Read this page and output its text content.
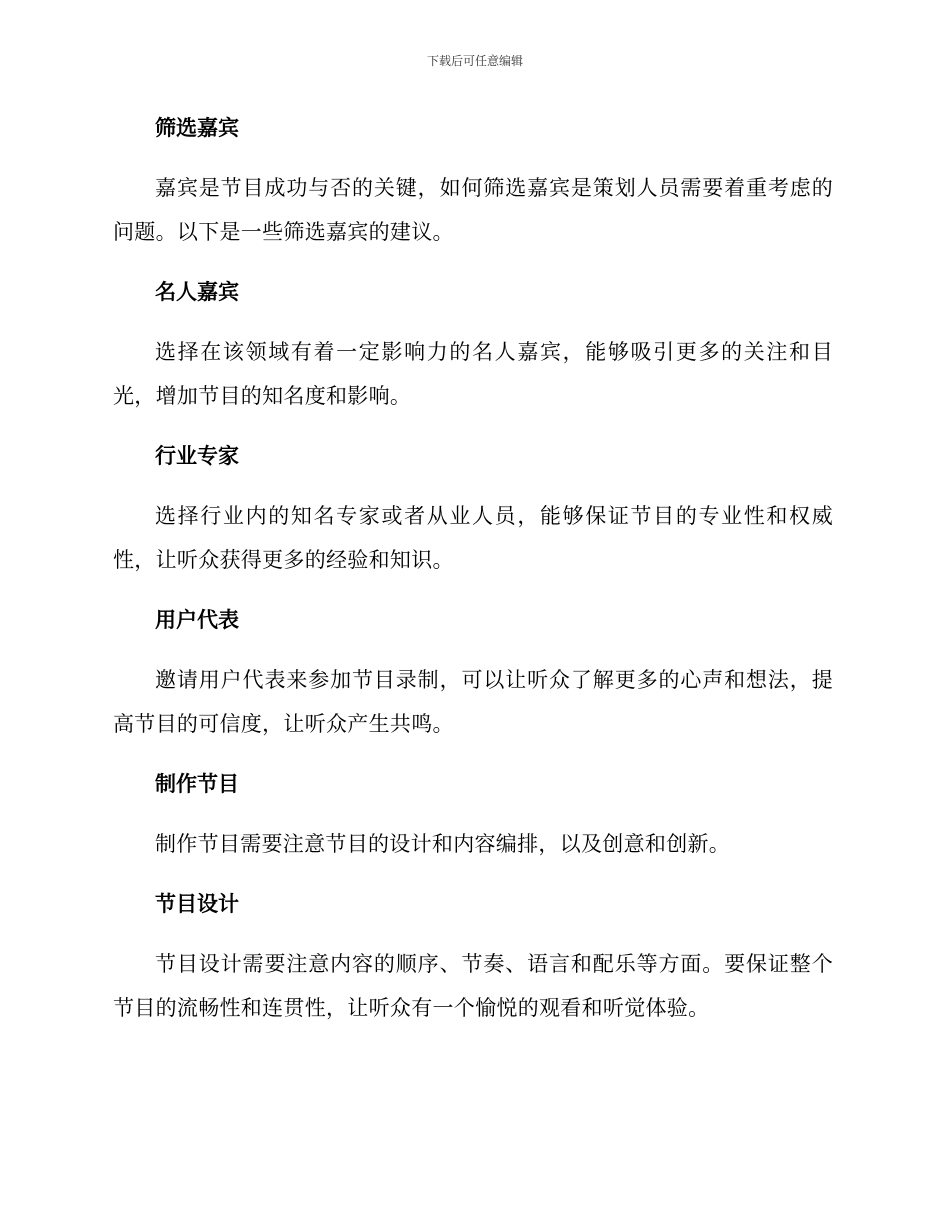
下载后可任意编辑
筛选嘉宾

嘉宾是节目成功与否的关键，如何筛选嘉宾是策划人员需要着重考虑的问题。以下是一些筛选嘉宾的建议。

名人嘉宾

选择在该领域有着一定影响力的名人嘉宾，能够吸引更多的关注和目光，增加节目的知名度和影响。

行业专家

选择行业内的知名专家或者从业人员，能够保证节目的专业性和权威性，让听众获得更多的经验和知识。

用户代表

邀请用户代表来参加节目录制，可以让听众了解更多的心声和想法，提高节目的可信度，让听众产生共鸣。

制作节目

制作节目需要注意节目的设计和内容编排，以及创意和创新。

节目设计

节目设计需要注意内容的顺序、节奏、语言和配乐等方面。要保证整个节目的流畅性和连贯性，让听众有一个愉悦的观看和听觉体验。
